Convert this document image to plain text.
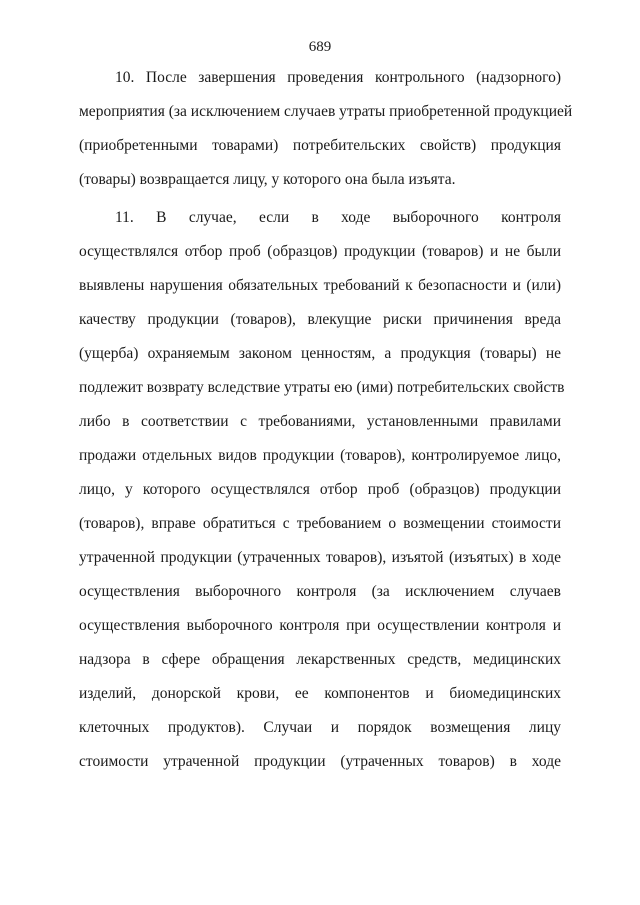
689
10. После завершения проведения контрольного (надзорного)
мероприятия (за исключением случаев утраты приобретенной продукцией
(приобретенными товарами) потребительских свойств) продукция
(товары) возвращается лицу, у которого она была изъята.
11. В случае, если в ходе выборочного контроля
осуществлялся отбор проб (образцов) продукции (товаров) и не были
выявлены нарушения обязательных требований к безопасности и (или)
качеству продукции (товаров), влекущие риски причинения вреда
(ущерба) охраняемым законом ценностям, а продукция (товары) не
подлежит возврату вследствие утраты ею (ими) потребительских свойств
либо в соответствии с требованиями, установленными правилами
продажи отдельных видов продукции (товаров), контролируемое лицо,
лицо, у которого осуществлялся отбор проб (образцов) продукции
(товаров), вправе обратиться с требованием о возмещении стоимости
утраченной продукции (утраченных товаров), изъятой (изъятых) в ходе
осуществления выборочного контроля (за исключением случаев
осуществления выборочного контроля при осуществлении контроля и
надзора в сфере обращения лекарственных средств, медицинских
изделий, донорской крови, ее компонентов и биомедицинских
клеточных продуктов). Случаи и порядок возмещения лицу
стоимости утраченной продукции (утраченных товаров) в ходе
